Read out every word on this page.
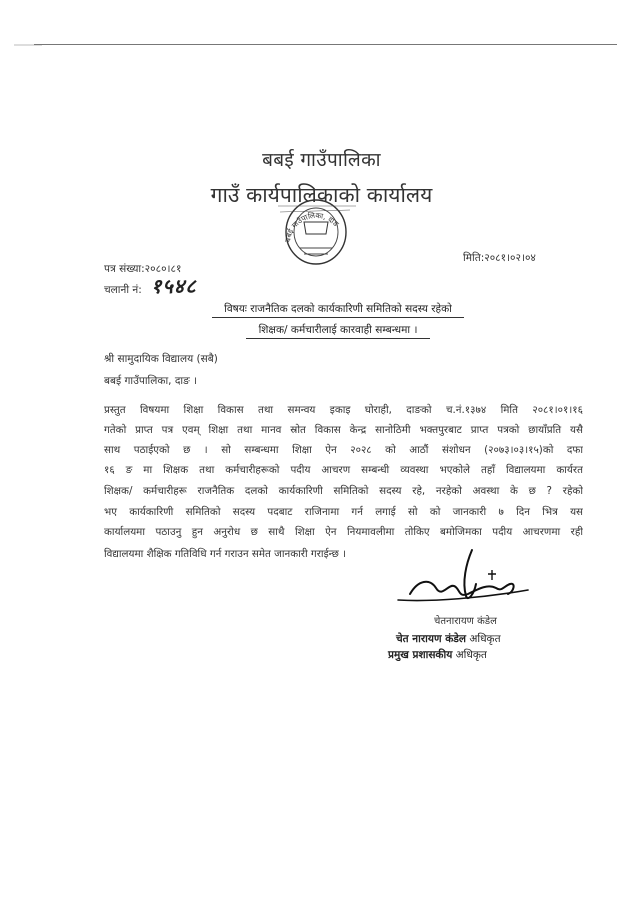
बबई गाउँपालिका
गाउँ कार्यपालिकाको कार्यालय
बबई गाउँपालिका, दाङ
पत्र संख्या:२०८०।८१
मिति:२०८१।०२।०४
चलानी नं: १५४८
विषयः राजनैतिक दलको कार्यकारिणी समितिको सदस्य रहेको
शिक्षक/ कर्मचारीलाई कारवाही सम्बन्धमा ।
श्री सामुदायिक विद्यालय (सबै)
बबई गाउँपालिका, दाङ ।
प्रस्तुत विषयमा शिक्षा विकास तथा समन्वय इकाइ घोराही, दाङको च.नं.१३७४ मिति २०८१।०१।१६
गतेको प्राप्त पत्र एवम् शिक्षा तथा मानव स्रोत विकास केन्द्र सानोठिमी भक्तपुरबाट प्राप्त पत्रको छायाँप्रति यसै
साथ पठाईएको छ । सो सम्बन्धमा शिक्षा ऐन २०२८ को आठौं संशोधन (२०७३।०३।१५)को दफा
१६ ङ मा शिक्षक तथा कर्मचारीहरूको पदीय आचरण सम्बन्धी व्यवस्था भएकोले तहाँ विद्यालयमा कार्यरत
शिक्षक/ कर्मचारीहरू राजनैतिक दलको कार्यकारिणी समितिको सदस्य रहे, नरहेको अवस्था के छ ? रहेको
भए कार्यकारिणी समितिको सदस्य पदबाट राजिनामा गर्न लगाई सो को जानकारी ७ दिन भित्र यस
कार्यालयमा पठाउनु हुन अनुरोध छ साथै शिक्षा ऐन नियमावलीमा तोकिए बमोजिमका पदीय आचरणमा रही
विद्यालयमा शैक्षिक गतिविधि गर्न गराउन समेत जानकारी गराईन्छ ।
चेतनारायण कंडेल
चेत नारायण कंडेल अधिकृत
प्रमुख प्रशासकीय अधिकृत
